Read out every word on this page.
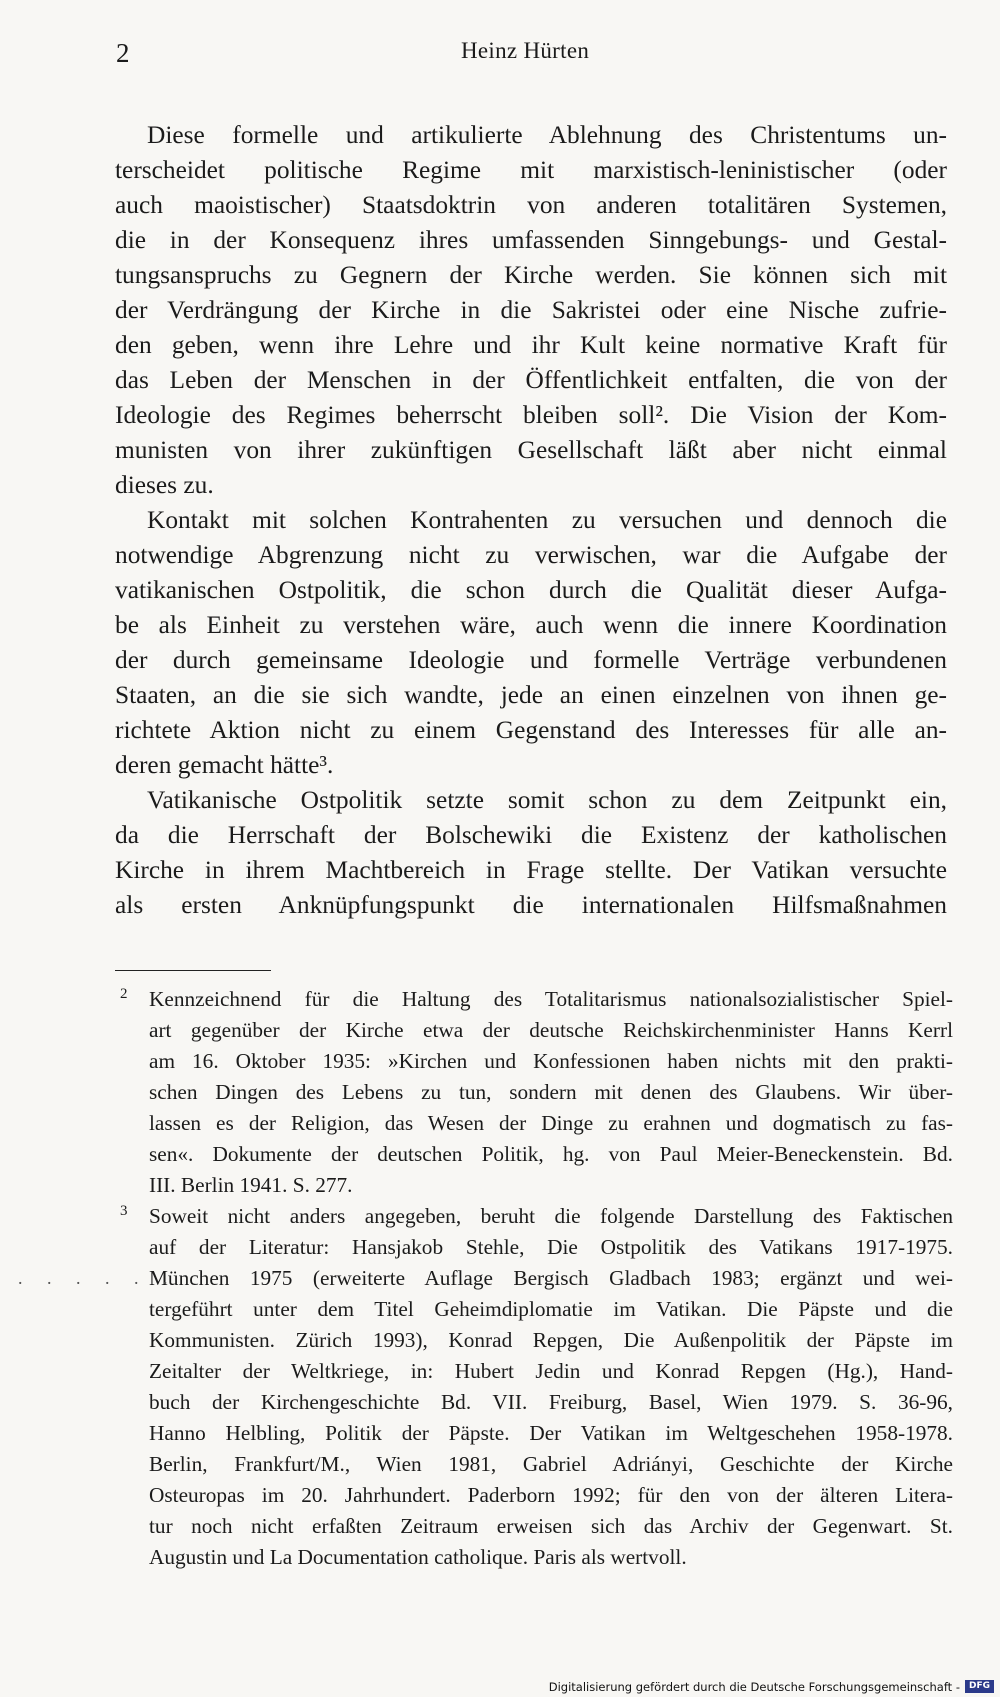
2	Heinz Hürten
Diese formelle und artikulierte Ablehnung des Christentums un-
terscheidet politische Regime mit marxistisch-leninistischer (oder
auch maoistischer) Staatsdoktrin von anderen totalitären Systemen,
die in der Konsequenz ihres umfassenden Sinngebungs- und Gestal-
tungsanspruchs zu Gegnern der Kirche werden. Sie können sich mit
der Verdrängung der Kirche in die Sakristei oder eine Nische zufrie-
den geben, wenn ihre Lehre und ihr Kult keine normative Kraft für
das Leben der Menschen in der Öffentlichkeit entfalten, die von der
Ideologie des Regimes beherrscht bleiben soll². Die Vision der Kom-
munisten von ihrer zukünftigen Gesellschaft läßt aber nicht einmal
dieses zu.
Kontakt mit solchen Kontrahenten zu versuchen und dennoch die
notwendige Abgrenzung nicht zu verwischen, war die Aufgabe der
vatikanischen Ostpolitik, die schon durch die Qualität dieser Aufga-
be als Einheit zu verstehen wäre, auch wenn die innere Koordination
der durch gemeinsame Ideologie und formelle Verträge verbundenen
Staaten, an die sie sich wandte, jede an einen einzelnen von ihnen ge-
richtete Aktion nicht zu einem Gegenstand des Interesses für alle an-
deren gemacht hätte³.
Vatikanische Ostpolitik setzte somit schon zu dem Zeitpunkt ein,
da die Herrschaft der Bolschewiki die Existenz der katholischen
Kirche in ihrem Machtbereich in Frage stellte. Der Vatikan versuchte
als ersten Anknüpfungspunkt die internationalen Hilfsmaßnahmen
2 Kennzeichnend für die Haltung des Totalitarismus nationalsozialistischer Spiel-
art gegenüber der Kirche etwa der deutsche Reichskirchenminister Hanns Kerrl
am 16. Oktober 1935: »Kirchen und Konfessionen haben nichts mit den prakti-
schen Dingen des Lebens zu tun, sondern mit denen des Glaubens. Wir über-
lassen es der Religion, das Wesen der Dinge zu erahnen und dogmatisch zu fas-
sen«. Dokumente der deutschen Politik, hg. von Paul Meier-Beneckenstein. Bd.
III. Berlin 1941. S. 277.
3 Soweit nicht anders angegeben, beruht die folgende Darstellung des Faktischen
auf der Literatur: Hansjakob Stehle, Die Ostpolitik des Vatikans 1917-1975.
München 1975 (erweiterte Auflage Bergisch Gladbach 1983; ergänzt und wei-
tergeführt unter dem Titel Geheimdiplomatie im Vatikan. Die Päpste und die
Kommunisten. Zürich 1993), Konrad Repgen, Die Außenpolitik der Päpste im
Zeitalter der Weltkriege, in: Hubert Jedin und Konrad Repgen (Hg.), Hand-
buch der Kirchengeschichte Bd. VII. Freiburg, Basel, Wien 1979. S. 36-96,
Hanno Helbling, Politik der Päpste. Der Vatikan im Weltgeschehen 1958-1978.
Berlin, Frankfurt/M., Wien 1981, Gabriel Adriányi, Geschichte der Kirche
Osteuropas im 20. Jahrhundert. Paderborn 1992; für den von der älteren Litera-
tur noch nicht erfaßten Zeitraum erweisen sich das Archiv der Gegenwart. St.
Augustin und La Documentation catholique. Paris als wertvoll.
. . . . . .
Digitalisierung gefördert durch die Deutsche Forschungsgemeinschaft - DFG
